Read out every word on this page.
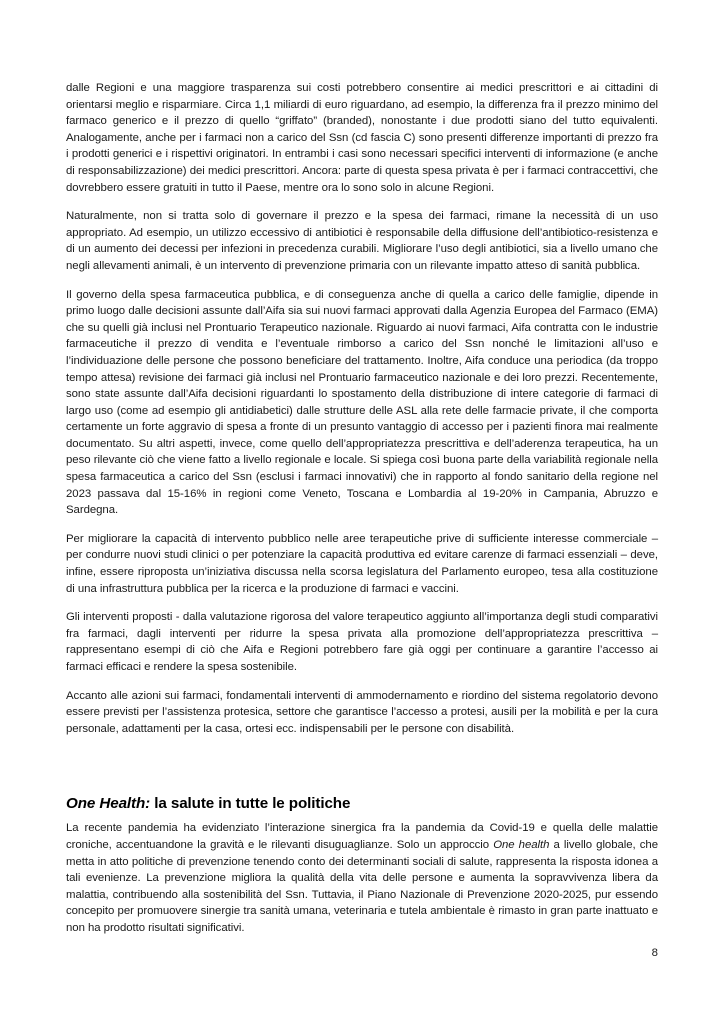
dalle Regioni e una maggiore trasparenza sui costi potrebbero consentire ai medici prescrittori e ai cittadini di orientarsi meglio e risparmiare. Circa 1,1 miliardi di euro riguardano, ad esempio, la differenza fra il prezzo minimo del farmaco generico e il prezzo di quello “griffato” (branded), nonostante i due prodotti siano del tutto equivalenti. Analogamente, anche per i farmaci non a carico del Ssn (cd fascia C) sono presenti differenze importanti di prezzo fra i prodotti generici e i rispettivi originatori. In entrambi i casi sono necessari specifici interventi di informazione (e anche di responsabilizzazione) dei medici prescrittori. Ancora: parte di questa spesa privata è per i farmaci contraccettivi, che dovrebbero essere gratuiti in tutto il Paese, mentre ora lo sono solo in alcune Regioni.

Naturalmente, non si tratta solo di governare il prezzo e la spesa dei farmaci, rimane la necessità di un uso appropriato. Ad esempio, un utilizzo eccessivo di antibiotici è responsabile della diffusione dell’antibiotico-resistenza e di un aumento dei decessi per infezioni in precedenza curabili. Migliorare l’uso degli antibiotici, sia a livello umano che negli allevamenti animali, è un intervento di prevenzione primaria con un rilevante impatto atteso di sanità pubblica.

Il governo della spesa farmaceutica pubblica, e di conseguenza anche di quella a carico delle famiglie, dipende in primo luogo dalle decisioni assunte dall’Aifa sia sui nuovi farmaci approvati dalla Agenzia Europea del Farmaco (EMA) che su quelli già inclusi nel Prontuario Terapeutico nazionale. Riguardo ai nuovi farmaci, Aifa contratta con le industrie farmaceutiche il prezzo di vendita e l’eventuale rimborso a carico del Ssn nonché le limitazioni all’uso e l’individuazione delle persone che possono beneficiare del trattamento. Inoltre, Aifa conduce una periodica (da troppo tempo attesa) revisione dei farmaci già inclusi nel Prontuario farmaceutico nazionale e dei loro prezzi. Recentemente, sono state assunte dall’Aifa decisioni riguardanti lo spostamento della distribuzione di intere categorie di farmaci di largo uso (come ad esempio gli antidiabetici) dalle strutture delle ASL alla rete delle farmacie private, il che comporta certamente un forte aggravio di spesa a fronte di un presunto vantaggio di accesso per i pazienti finora mai realmente documentato. Su altri aspetti, invece, come quello dell’appropriatezza prescrittiva e dell’aderenza terapeutica, ha un peso rilevante ciò che viene fatto a livello regionale e locale. Si spiega così buona parte della variabilità regionale nella spesa farmaceutica a carico del Ssn (esclusi i farmaci innovativi) che in rapporto al fondo sanitario della regione nel 2023 passava dal 15-16% in regioni come Veneto, Toscana e Lombardia al 19-20% in Campania, Abruzzo e Sardegna.

Per migliorare la capacità di intervento pubblico nelle aree terapeutiche prive di sufficiente interesse commerciale – per condurre nuovi studi clinici o per potenziare la capacità produttiva ed evitare carenze di farmaci essenziali – deve, infine, essere riproposta un’iniziativa discussa nella scorsa legislatura del Parlamento europeo, tesa alla costituzione di una infrastruttura pubblica per la ricerca e la produzione di farmaci e vaccini.

Gli interventi proposti - dalla valutazione rigorosa del valore terapeutico aggiunto all’importanza degli studi comparativi fra farmaci, dagli interventi per ridurre la spesa privata alla promozione dell’appropriatezza prescrittiva – rappresentano esempi di ciò che Aifa e Regioni potrebbero fare già oggi per continuare a garantire l’accesso ai farmaci efficaci e rendere la spesa sostenibile.

Accanto alle azioni sui farmaci, fondamentali interventi di ammodernamento e riordino del sistema regolatorio devono essere previsti per l’assistenza protesica, settore che garantisce l’accesso a protesi, ausili per la mobilità e per la cura personale, adattamenti per la casa, ortesi ecc. indispensabili per le persone con disabilità.

One Health: la salute in tutte le politiche

La recente pandemia ha evidenziato l’interazione sinergica fra la pandemia da Covid-19 e quella delle malattie croniche, accentuandone la gravità e le rilevanti disuguaglianze. Solo un approccio One health a livello globale, che metta in atto politiche di prevenzione tenendo conto dei determinanti sociali di salute, rappresenta la risposta idonea a tali evenienze. La prevenzione migliora la qualità della vita delle persone e aumenta la sopravvivenza libera da malattia, contribuendo alla sostenibilità del Ssn. Tuttavia, il Piano Nazionale di Prevenzione 2020-2025, pur essendo concepito per promuovere sinergie tra sanità umana, veterinaria e tutela ambientale è rimasto in gran parte inattuato e non ha prodotto risultati significativi.

8
